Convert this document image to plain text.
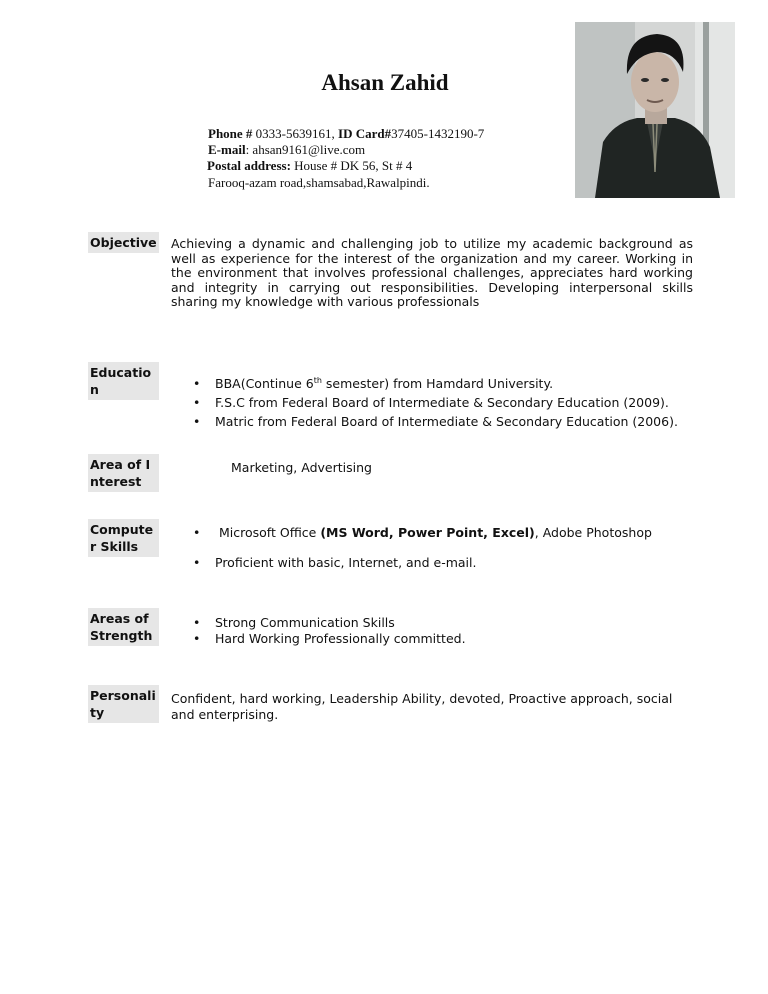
Ahsan Zahid
Phone # 0333-5639161, ID Card#37405-1432190-7
E-mail: ahsan9161@live.com
Postal address: House # DK 56, St # 4
Farooq-azam road,shamsabad,Rawalpindi.
Objective Achieving a dynamic and challenging job to utilize my academic background as well as experience for the interest of the organization and my career. Working in the environment that involves professional challenges, appreciates hard working and integrity in carrying out responsibilities. Developing interpersonal skills sharing my knowledge with various professionals
Education
•	BBA(Continue 6th semester) from Hamdard University.
• F.S.C from Federal Board of Intermediate & Secondary Education (2009).
• Matric from Federal Board of Intermediate & Secondary Education (2006).
Area of Interest
Marketing, Advertising
Computer Skills
• Microsoft Office (MS Word, Power Point, Excel), Adobe Photoshop
• Proficient with basic, Internet, and e-mail.
Areas of Strength
• Strong Communication Skills
• Hard Working Professionally committed.
Personality
Confident, hard working, Leadership Ability, devoted, Proactive approach, social and enterprising.
